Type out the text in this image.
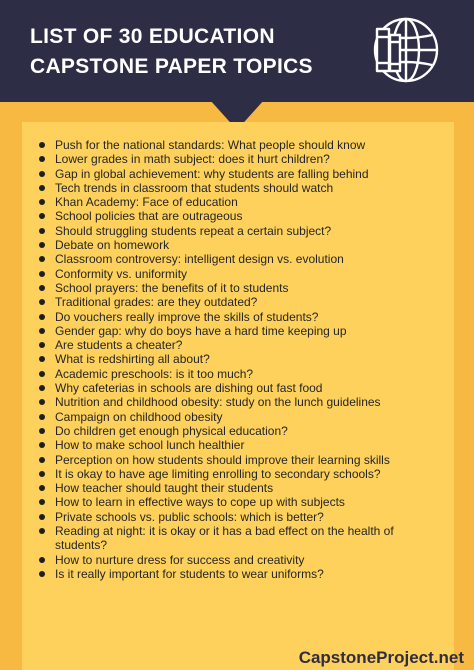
LIST OF 30 EDUCATION
CAPSTONE PAPER TOPICS
Push for the national standards: What people should know
Lower grades in math subject: does it hurt children?
Gap in global achievement: why students are falling behind
Tech trends in classroom that students should watch
Khan Academy: Face of education
School policies that are outrageous
Should struggling students repeat a certain subject?
Debate on homework
Classroom controversy: intelligent design vs. evolution
Conformity vs. uniformity
School prayers: the benefits of it to students
Traditional grades: are they outdated?
Do vouchers really improve the skills of students?
Gender gap: why do boys have a hard time keeping up
Are students a cheater?
What is redshirting all about?
Academic preschools: is it too much?
Why cafeterias in schools are dishing out fast food
Nutrition and childhood obesity: study on the lunch guidelines
Campaign on childhood obesity
Do children get enough physical education?
How to make school lunch healthier
Perception on how students should improve their learning skills
It is okay to have age limiting enrolling to secondary schools?
How teacher should taught their students
How to learn in effective ways to cope up with subjects
Private schools vs. public schools: which is better?
Reading at night: it is okay or it has a bad effect on the health of students?
How to nurture dress for success and creativity
Is it really important for students to wear uniforms?
CapstoneProject.net
